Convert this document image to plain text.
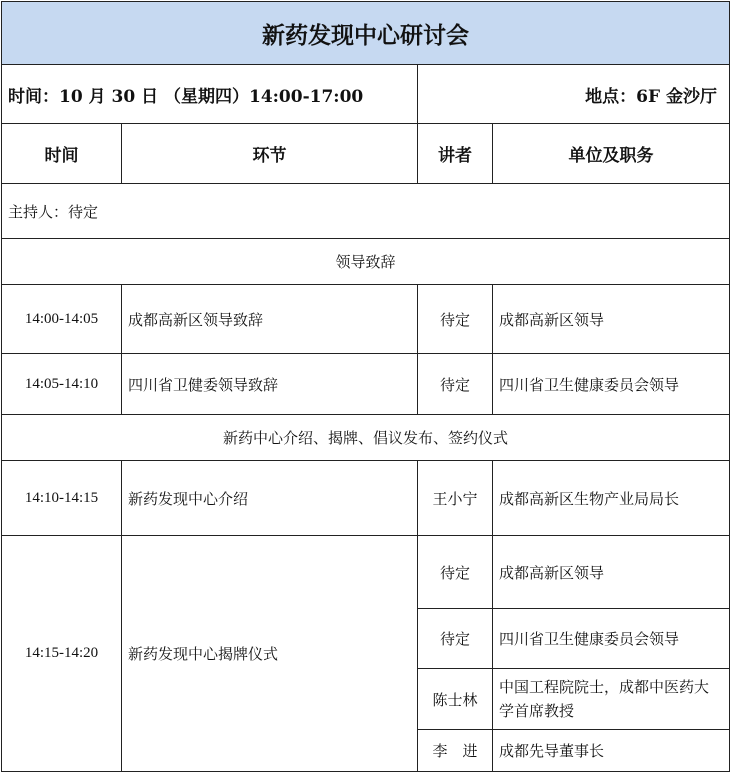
新药发现中心研讨会			
时间：10 月 30 日 （星期四）14:00-17:00		地点：6F 金沙厅	
时间	环节	讲者	单位及职务
主持人：待定			
领导致辞			
14:00-14:05	成都高新区领导致辞	待定	成都高新区领导
14:05-14:10	四川省卫健委领导致辞	待定	四川省卫生健康委员会领导
新药中心介绍、揭牌、倡议发布、签约仪式			
14:10-14:15	新药发现中心介绍	王小宁	成都高新区生物产业局局长
14:15-14:20	新药发现中心揭牌仪式	待定	成都高新区领导
		待定	四川省卫生健康委员会领导
		陈士林	中国工程院院士，成都中医药大学首席教授
		李　进	成都先导董事长
